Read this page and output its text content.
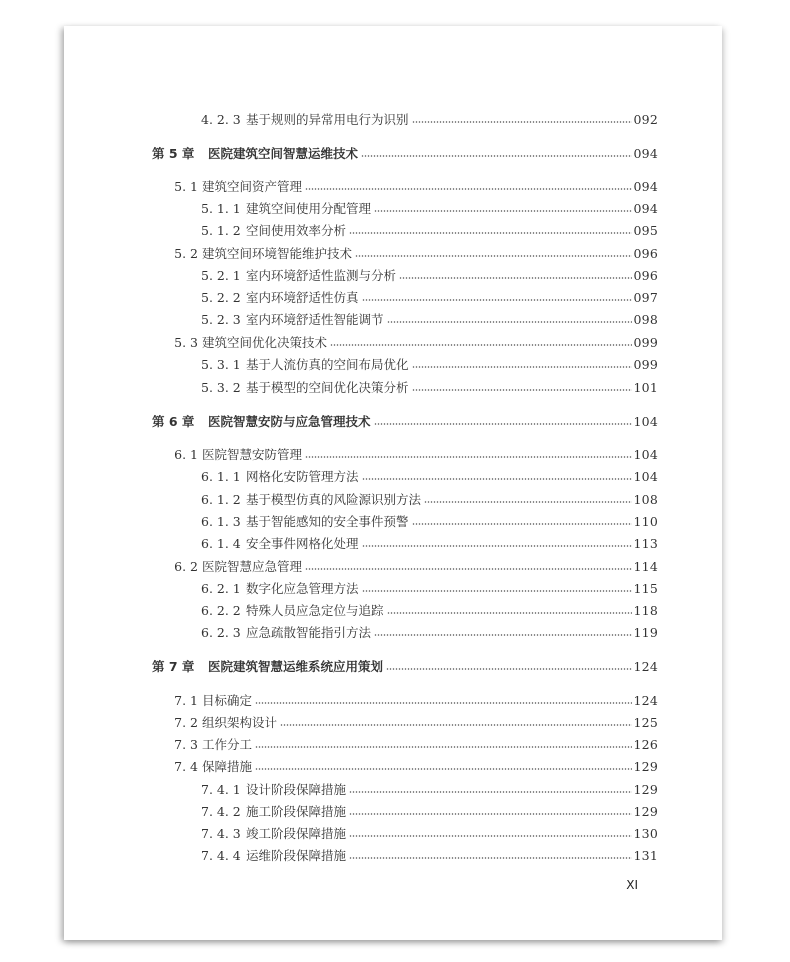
4. 2. 3 基于规则的异常用电行为识别	092
第 5 章	医院建筑空间智慧运维技术	094
5. 1 建筑空间资产管理	094
5. 1. 1 建筑空间使用分配管理	094
5. 1. 2 空间使用效率分析	095
5. 2 建筑空间环境智能维护技术	096
5. 2. 1 室内环境舒适性监测与分析	096
5. 2. 2 室内环境舒适性仿真	097
5. 2. 3 室内环境舒适性智能调节	098
5. 3 建筑空间优化决策技术	099
5. 3. 1 基于人流仿真的空间布局优化	099
5. 3. 2 基于模型的空间优化决策分析	101
第 6 章	医院智慧安防与应急管理技术	104
6. 1 医院智慧安防管理	104
6. 1. 1 网格化安防管理方法	104
6. 1. 2 基于模型仿真的风险源识别方法	108
6. 1. 3 基于智能感知的安全事件预警	110
6. 1. 4 安全事件网格化处理	113
6. 2 医院智慧应急管理	114
6. 2. 1 数字化应急管理方法	115
6. 2. 2 特殊人员应急定位与追踪	118
6. 2. 3 应急疏散智能指引方法	119
第 7 章	医院建筑智慧运维系统应用策划	124
7. 1 目标确定	124
7. 2 组织架构设计	125
7. 3 工作分工	126
7. 4 保障措施	129
7. 4. 1 设计阶段保障措施	129
7. 4. 2 施工阶段保障措施	129
7. 4. 3 竣工阶段保障措施	130
7. 4. 4 运维阶段保障措施	131
XI
